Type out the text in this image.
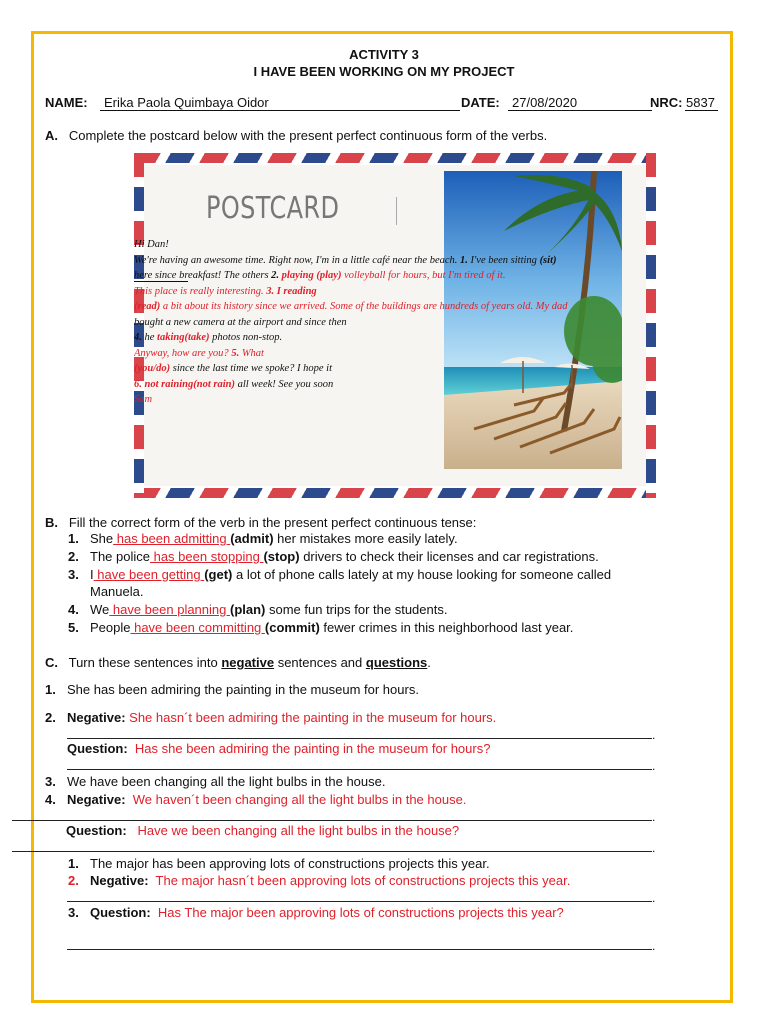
ACTIVITY 3
I HAVE BEEN WORKING ON MY PROJECT
NAME:	Erika Paola Quimbaya Oidor	DATE: 27/08/2020	NRC: 5837
A. Complete the postcard below with the present perfect continuous form of the verbs.
POSTCARD
Hi Dan!
We're having an awesome time. Right now, I'm in a little café near the beach. 1. I've been sitting (sit)
here since breakfast! The others 2. playing (play) volleyball for hours, but I'm tired of it.
This place is really interesting. 3. I reading
(read) a bit about its history since we arrived. Some of the buildings are hundreds of years old. My dad
bought a new camera at the airport and since then
4. he taking(take) photos non-stop.
Anyway, how are you? 5. What
(you/do) since the last time we spoke? I hope it
6. not raining(not rain) all week! See you soon
Sam
B. Fill the correct form of the verb in the present perfect continuous tense:
1. She has been admitting (admit) her mistakes more easily lately.
2. The police has been stopping (stop) drivers to check their licenses and car registrations.
3. I have been getting (get) a lot of phone calls lately at my house looking for someone called
Manuela.
4. We have been planning (plan) some fun trips for the students.
5. People have been committing (commit) fewer crimes in this neighborhood last year.
C. Turn these sentences into negative sentences and questions.
1. She has been admiring the painting in the museum for hours.
2. Negative: She hasn´t been admiring the painting in the museum for hours.
.
Question: Has she been admiring the painting in the museum for hours?
.
3. We have been changing all the light bulbs in the house.
4. Negative: We haven´t been changing all the light bulbs in the house.
.
Question: Have we been changing all the light bulbs in the house?
.
1. The major has been approving lots of constructions projects this year.
2. Negative: The major hasn´t been approving lots of constructions projects this year.
.
3. Question: Has The major been approving lots of constructions projects this year?
.
